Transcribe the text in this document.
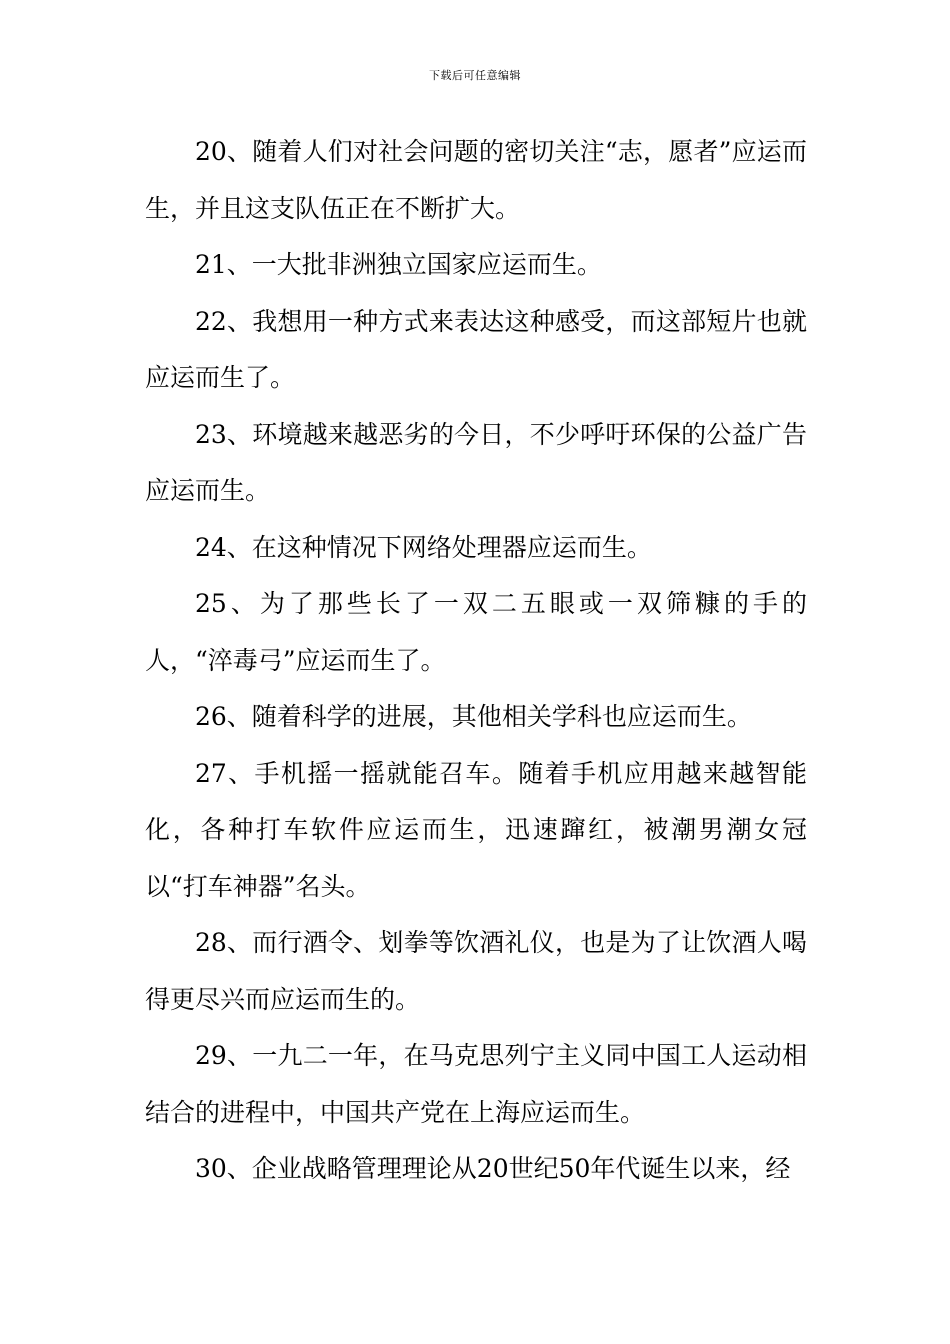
下载后可任意编辑

20、随着人们对社会问题的密切关注“志，愿者”应运而生，并且这支队伍正在不断扩大。

21、一大批非洲独立国家应运而生。

22、我想用一种方式来表达这种感受，而这部短片也就应运而生了。

23、环境越来越恶劣的今日，不少呼吁环保的公益广告应运而生。

24、在这种情况下网络处理器应运而生。

25、为了那些长了一双二五眼或一双筛糠的手的人，“淬毒弓”应运而生了。

26、随着科学的进展，其他相关学科也应运而生。

27、手机摇一摇就能召车。随着手机应用越来越智能化，各种打车软件应运而生，迅速蹿红，被潮男潮女冠以“打车神器”名头。

28、而行酒令、划拳等饮酒礼仪，也是为了让饮酒人喝得更尽兴而应运而生的。

29、一九二一年，在马克思列宁主义同中国工人运动相结合的进程中，中国共产党在上海应运而生。

30、企业战略管理理论从20世纪50年代诞生以来，经
